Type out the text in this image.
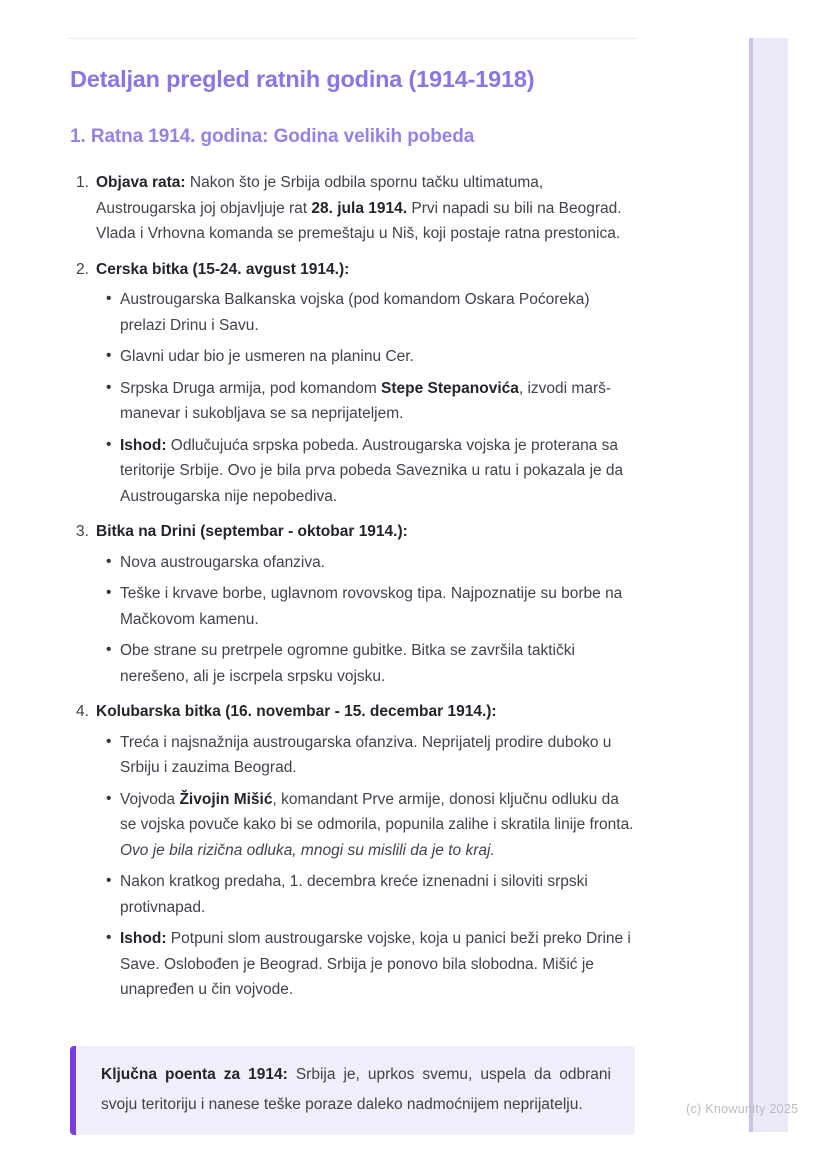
Detaljan pregled ratnih godina (1914-1918)
1. Ratna 1914. godina: Godina velikih pobeda
1. Objava rata: Nakon što je Srbija odbila spornu tačku ultimatuma, Austrougarska joj objavljuje rat 28. jula 1914. Prvi napadi su bili na Beograd. Vlada i Vrhovna komanda se premeštaju u Niš, koji postaje ratna prestonica.

2. Cerska bitka (15-24. avgust 1914.):

• Austrougarska Balkanska vojska (pod komandom Oskara Poćoreka) prelazi Drinu i Savu.

• Glavni udar bio je usmeren na planinu Cer.

• Srpska Druga armija, pod komandom Stepe Stepanovića, izvodi marš-manevar i sukobljava se sa neprijateljem.

• Ishod: Odlučujuća srpska pobeda. Austrougarska vojska je proterana sa teritorije Srbije. Ovo je bila prva pobeda Saveznika u ratu i pokazala je da Austrougarska nije nepobediva.

3. Bitka na Drini (septembar - oktobar 1914.):

• Nova austrougarska ofanziva.

• Teške i krvave borbe, uglavnom rovovskog tipa. Najpoznatije su borbe na Mačkovom kamenu.

• Obe strane su pretrpele ogromne gubitke. Bitka se završila taktički nerešeno, ali je iscrpela srpsku vojsku.

4. Kolubarska bitka (16. novembar - 15. decembar 1914.):

• Treća i najsnažnija austrougarska ofanziva. Neprijatelj prodire duboko u Srbiju i zauzima Beograd.

• Vojvoda Živojin Mišić, komandant Prve armije, donosi ključnu odluku da se vojska povuče kako bi se odmorila, popunila zalihe i skratila linije fronta. Ovo je bila rizična odluka, mnogi su mislili da je to kraj.

• Nakon kratkog predaha, 1. decembra kreće iznenadni i siloviti srpski protivnapad.

• Ishod: Potpuni slom austrougarske vojske, koja u panici beži preko Drine i Save. Oslobođen je Beograd. Srbija je ponovo bila slobodna. Mišić je unapređen u čin vojvode.

Ključna poenta za 1914: Srbija je, uprkos svemu, uspela da odbrani svoju teritoriju i nanese teške poraze daleko nadmoćnijem neprijatelju.	(c) Knowunity 2025
